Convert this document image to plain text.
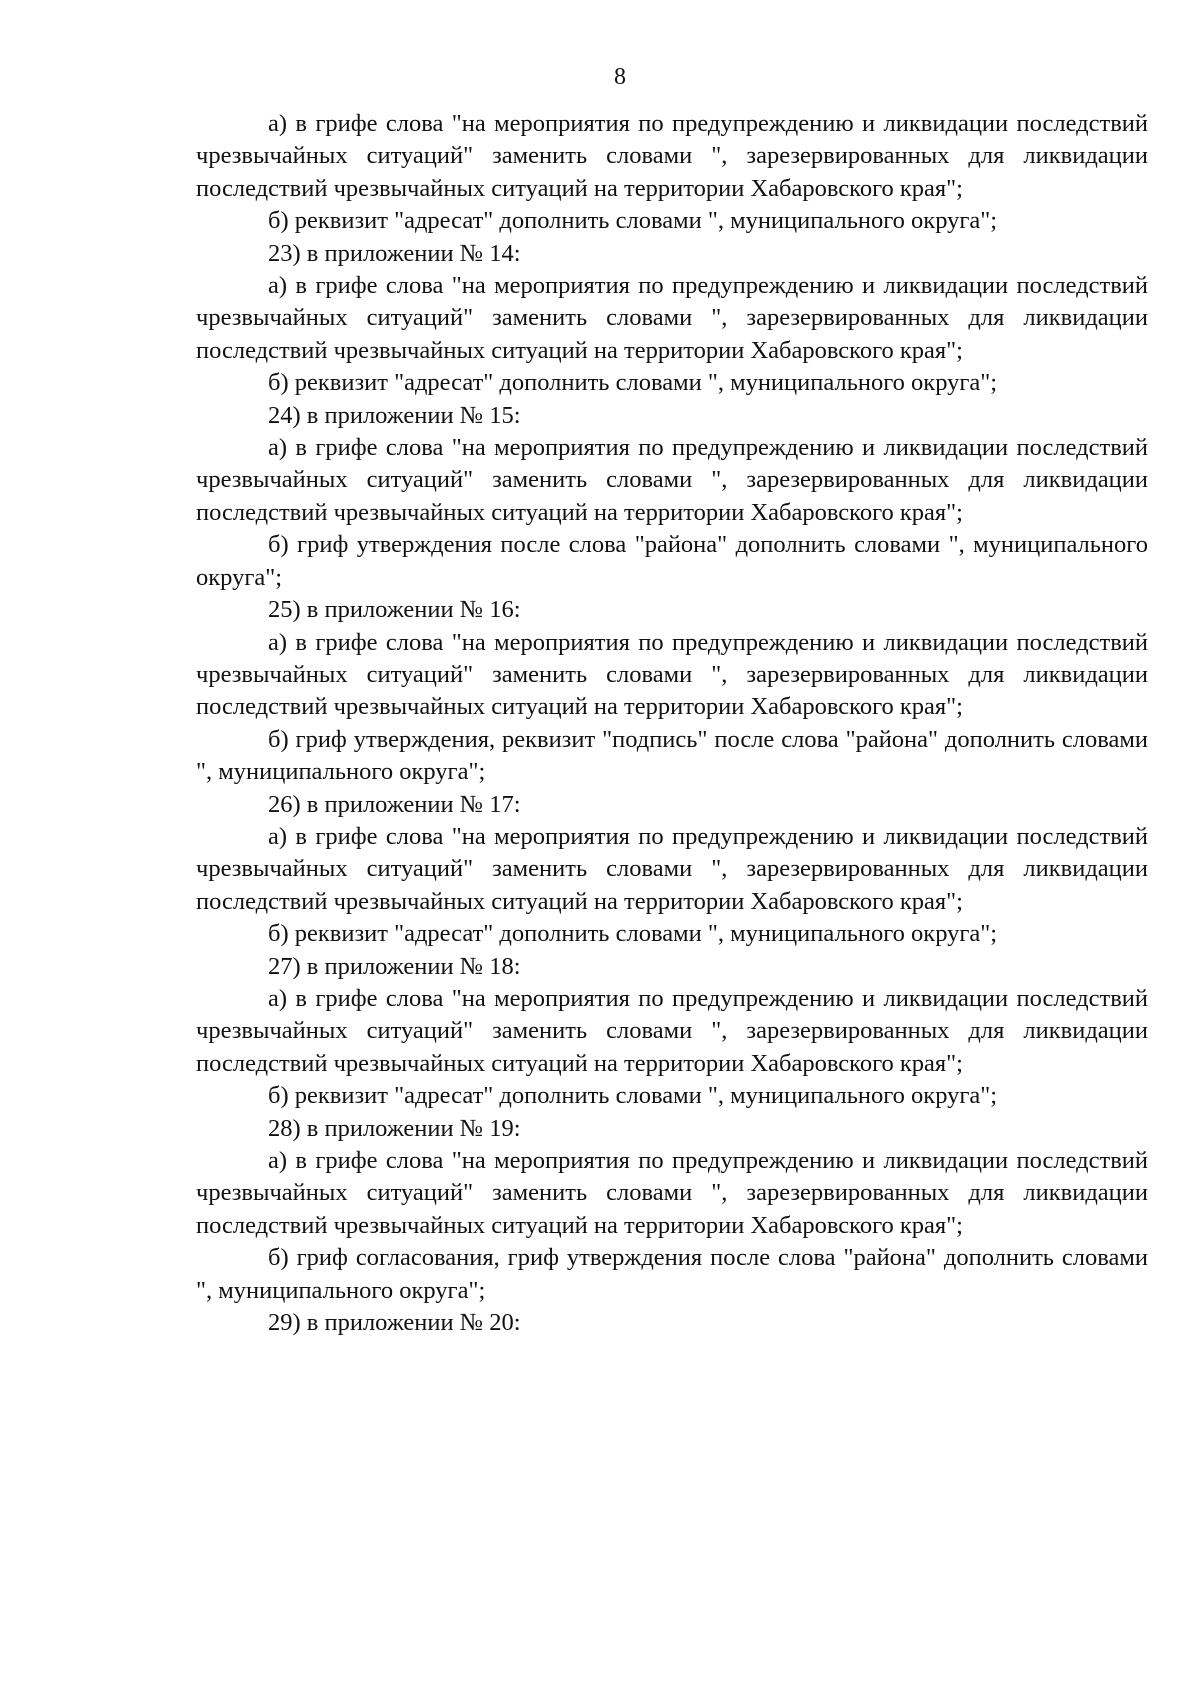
8

а) в грифе слова "на мероприятия по предупреждению и ликвидации последствий чрезвычайных ситуаций" заменить словами ", зарезервированных для ликвидации последствий чрезвычайных ситуаций на территории Хабаровского края";

б) реквизит "адресат" дополнить словами ", муниципального округа";

23) в приложении № 14:

а) в грифе слова "на мероприятия по предупреждению и ликвидации последствий чрезвычайных ситуаций" заменить словами ", зарезервированных для ликвидации последствий чрезвычайных ситуаций на территории Хабаровского края";

б) реквизит "адресат" дополнить словами ", муниципального округа";

24) в приложении № 15:

а) в грифе слова "на мероприятия по предупреждению и ликвидации последствий чрезвычайных ситуаций" заменить словами ", зарезервированных для ликвидации последствий чрезвычайных ситуаций на территории Хабаровского края";

б) гриф утверждения после слова "района" дополнить словами ", муниципального округа";

25) в приложении № 16:

а) в грифе слова "на мероприятия по предупреждению и ликвидации последствий чрезвычайных ситуаций" заменить словами ", зарезервированных для ликвидации последствий чрезвычайных ситуаций на территории Хабаровского края";

б) гриф утверждения, реквизит "подпись" после слова "района" дополнить словами ", муниципального округа";

26) в приложении № 17:

а) в грифе слова "на мероприятия по предупреждению и ликвидации последствий чрезвычайных ситуаций" заменить словами ", зарезервированных для ликвидации последствий чрезвычайных ситуаций на территории Хабаровского края";

б) реквизит "адресат" дополнить словами ", муниципального округа";

27) в приложении № 18:

а) в грифе слова "на мероприятия по предупреждению и ликвидации последствий чрезвычайных ситуаций" заменить словами ", зарезервированных для ликвидации последствий чрезвычайных ситуаций на территории Хабаровского края";

б) реквизит "адресат" дополнить словами ", муниципального округа";

28) в приложении № 19:

а) в грифе слова "на мероприятия по предупреждению и ликвидации последствий чрезвычайных ситуаций" заменить словами ", зарезервированных для ликвидации последствий чрезвычайных ситуаций на территории Хабаровского края";

б) гриф согласования, гриф утверждения после слова "района" дополнить словами ", муниципального округа";

29) в приложении № 20:
